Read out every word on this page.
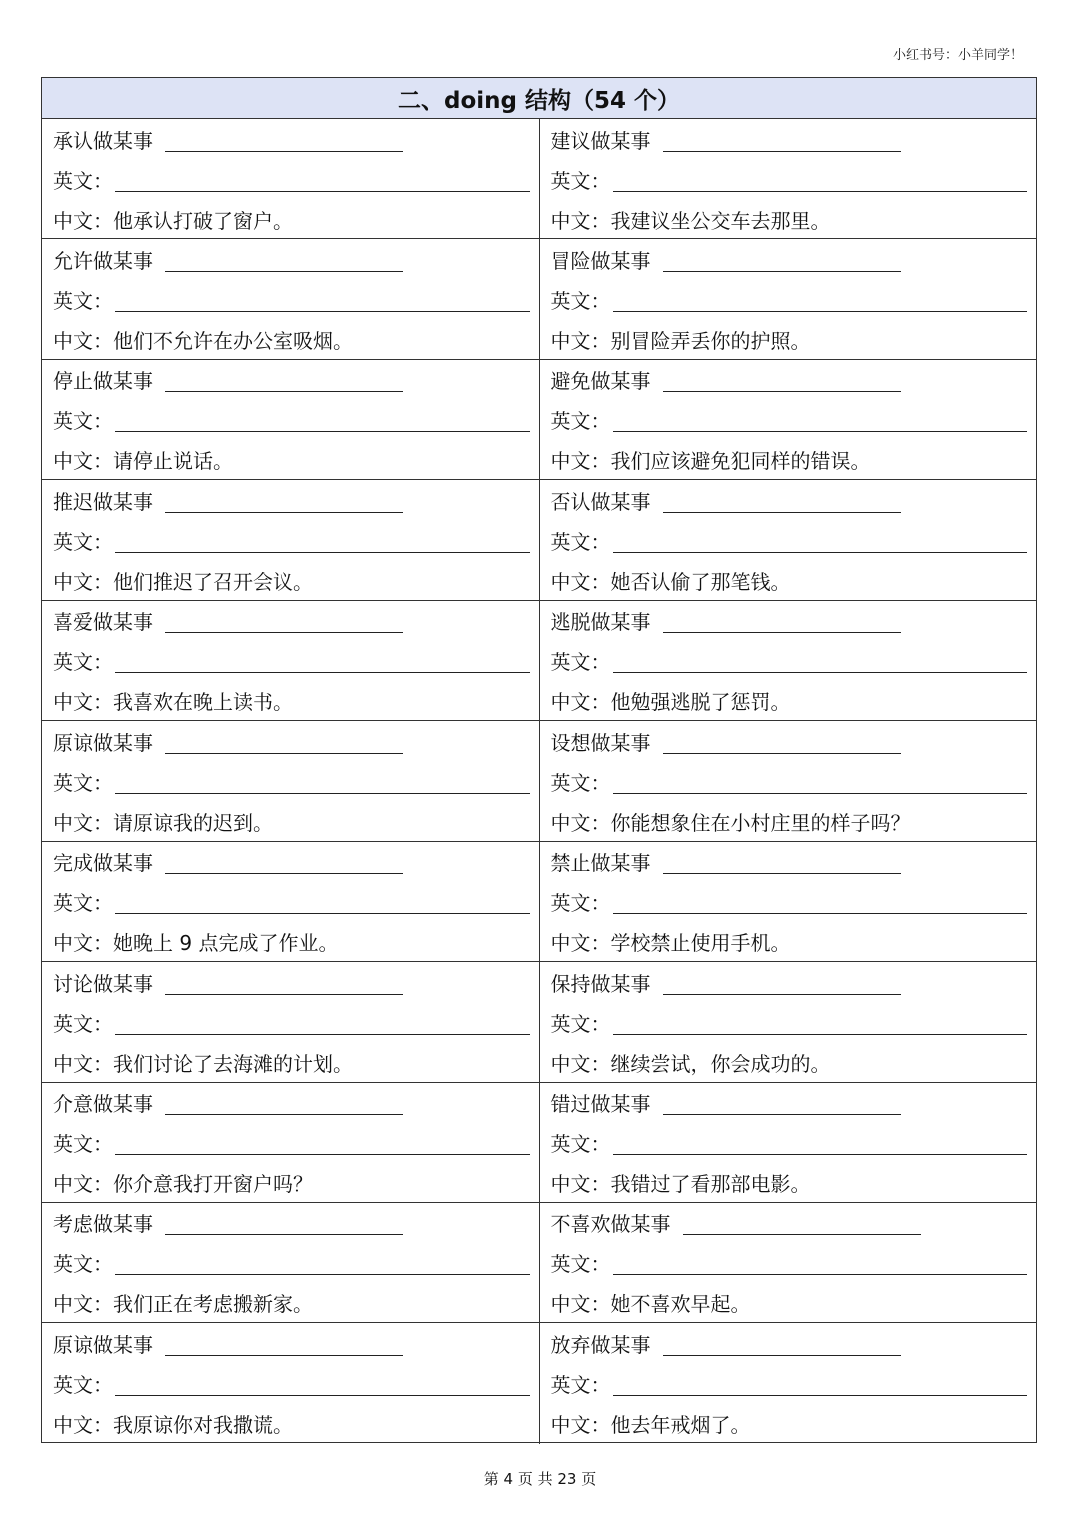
小红书号：小羊同学！
二、doing 结构（54 个）
承认做某事
英文：
中文： 他承认打破了窗户。
建议做某事
英文：
中文： 我建议坐公交车去那里。
允许做某事
英文：
中文： 他们不允许在办公室吸烟。
冒险做某事
英文：
中文： 别冒险弄丢你的护照。
停止做某事
英文：
中文： 请停止说话。
避免做某事
英文：
中文： 我们应该避免犯同样的错误。
推迟做某事
英文：
中文： 他们推迟了召开会议。
否认做某事
英文：
中文： 她否认偷了那笔钱。
喜爱做某事
英文：
中文： 我喜欢在晚上读书。
逃脱做某事
英文：
中文： 他勉强逃脱了惩罚。
原谅做某事
英文：
中文： 请原谅我的迟到。
设想做某事
英文：
中文： 你能想象住在小村庄里的样子吗？
完成做某事
英文：
中文： 她晚上 9 点完成了作业。
禁止做某事
英文：
中文： 学校禁止使用手机。
讨论做某事
英文：
中文： 我们讨论了去海滩的计划。
保持做某事
英文：
中文： 继续尝试，你会成功的。
介意做某事
英文：
中文： 你介意我打开窗户吗？
错过做某事
英文：
中文： 我错过了看那部电影。
考虑做某事
英文：
中文： 我们正在考虑搬新家。
不喜欢做某事
英文：
中文： 她不喜欢早起。
原谅做某事
英文：
中文： 我原谅你对我撒谎。
放弃做某事
英文：
中文： 他去年戒烟了。
第 4 页 共 23 页
